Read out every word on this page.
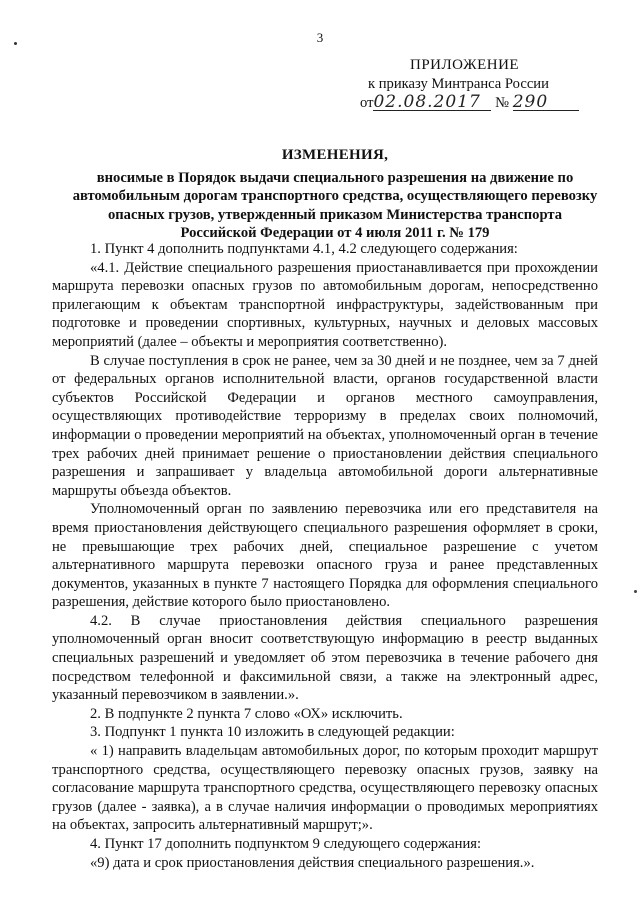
3
ПРИЛОЖЕНИЕ
к приказу Минтранса России
от02.08.2017 № 290
ИЗМЕНЕНИЯ,
вносимые в Порядок выдачи специального разрешения на движение по автомобильным дорогам транспортного средства, осуществляющего перевозку опасных грузов, утвержденный приказом Министерства транспорта Российской Федерации от 4 июля 2011 г. № 179

1. Пункт 4 дополнить подпунктами 4.1, 4.2 следующего содержания:

«4.1. Действие специального разрешения приостанавливается при прохождении маршрута перевозки опасных грузов по автомобильным дорогам, непосредственно прилегающим к объектам транспортной инфраструктуры, задействованным при подготовке и проведении спортивных, культурных, научных и деловых массовых мероприятий (далее – объекты и мероприятия соответственно).

В случае поступления в срок не ранее, чем за 30 дней и не позднее, чем за 7 дней от федеральных органов исполнительной власти, органов государственной власти субъектов Российской Федерации и органов местного самоуправления, осуществляющих противодействие терроризму в пределах своих полномочий, информации о проведении мероприятий на объектах, уполномоченный орган в течение трех рабочих дней принимает решение о приостановлении действия специального разрешения и запрашивает у владельца автомобильной дороги альтернативные маршруты объезда объектов.

Уполномоченный орган по заявлению перевозчика или его представителя на время приостановления действующего специального разрешения оформляет в сроки, не превышающие трех рабочих дней, специальное разрешение с учетом альтернативного маршрута перевозки опасного груза и ранее представленных документов, указанных в пункте 7 настоящего Порядка для оформления специального разрешения, действие которого было приостановлено.

4.2. В случае приостановления действия специального разрешения уполномоченный орган вносит соответствующую информацию в реестр выданных специальных разрешений и уведомляет об этом перевозчика в течение рабочего дня посредством телефонной и факсимильной связи, а также на электронный адрес, указанный перевозчиком в заявлении.».

2. В подпункте 2 пункта 7 слово «ОХ» исключить.

3. Подпункт 1 пункта 10 изложить в следующей редакции:

« 1) направить владельцам автомобильных дорог, по которым проходит маршрут транспортного средства, осуществляющего перевозку опасных грузов, заявку на согласование маршрута транспортного средства, осуществляющего перевозку опасных грузов (далее - заявка), а в случае наличия информации о проводимых мероприятиях на объектах, запросить альтернативный маршрут;».

4. Пункт 17 дополнить подпунктом 9 следующего содержания:

«9) дата и срок приостановления действия специального разрешения.».
